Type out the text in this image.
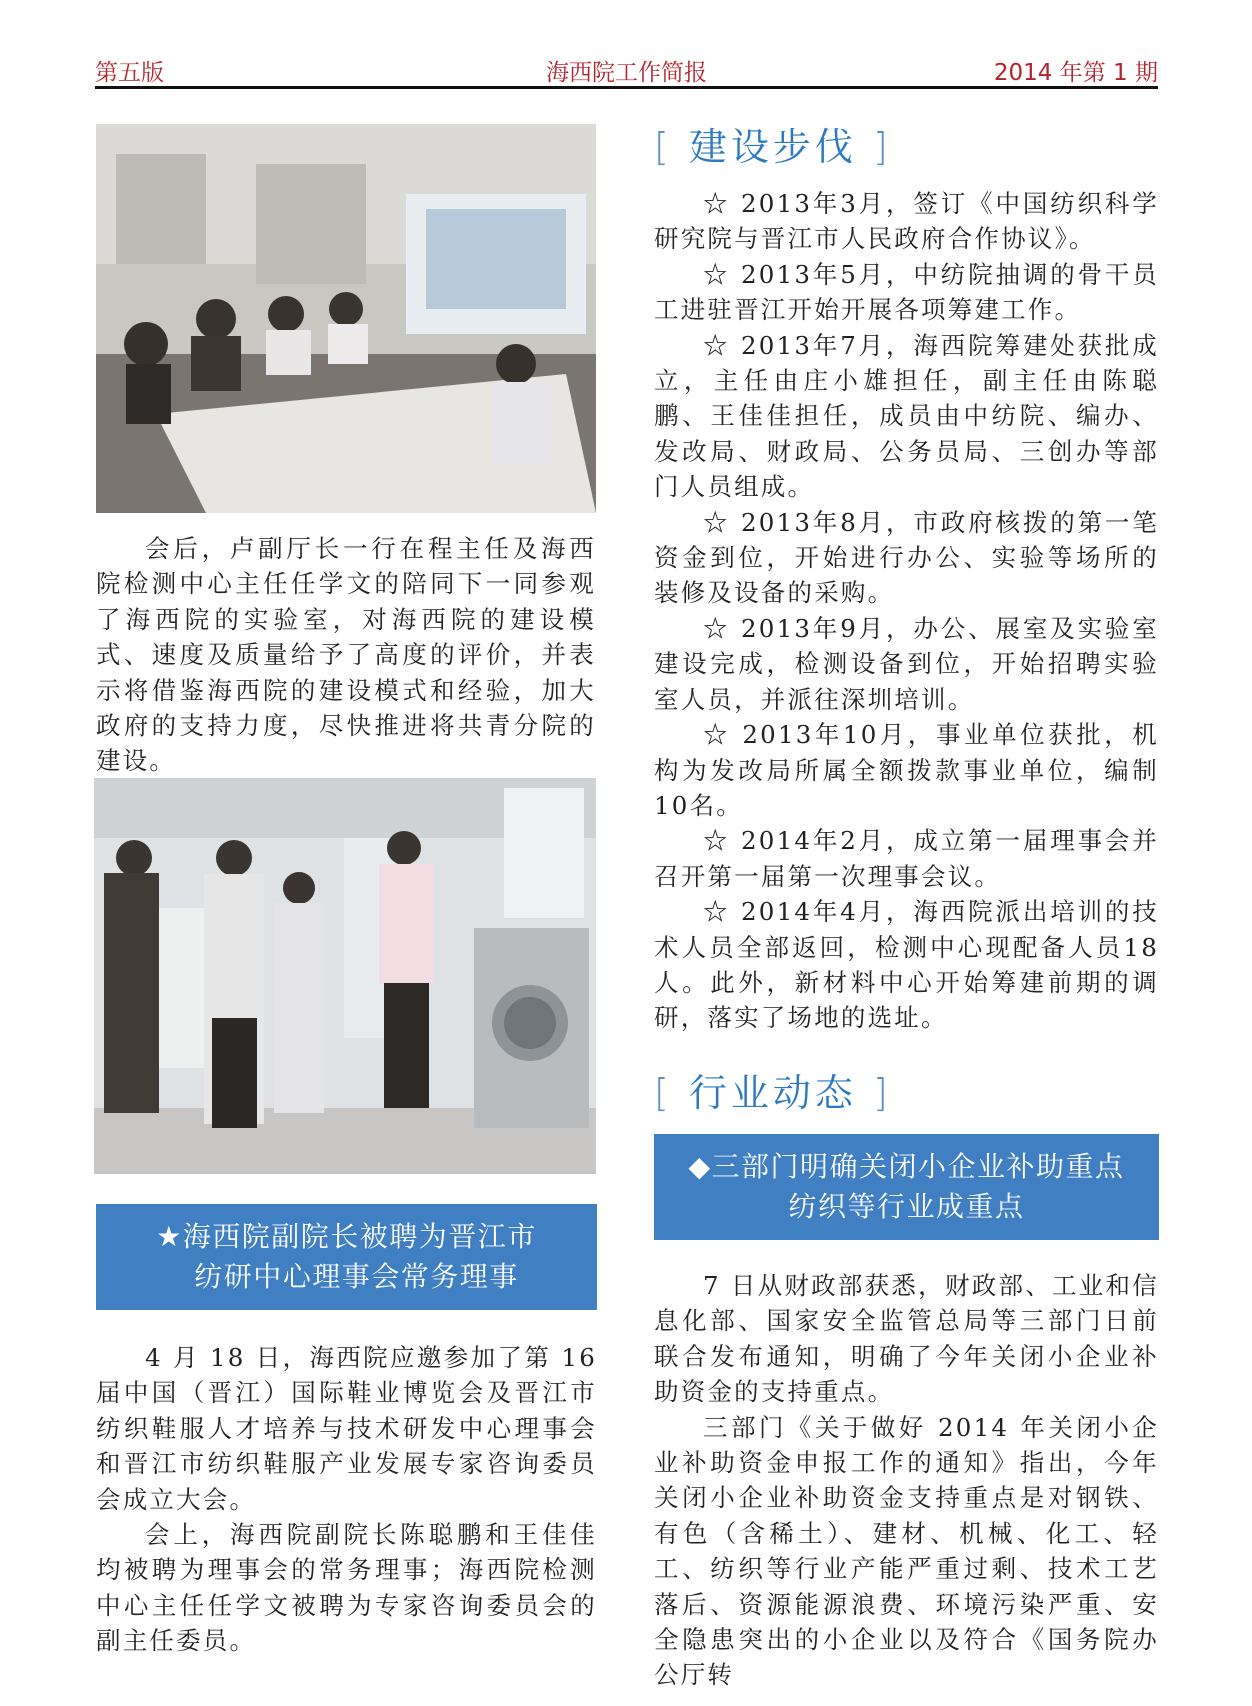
第五版	海西院工作简报	2014 年第 1 期

会后，卢副厅长一行在程主任及海西院检测中心主任任学文的陪同下一同参观了海西院的实验室，对海西院的建设模式、速度及质量给予了高度的评价，并表示将借鉴海西院的建设模式和经验，加大政府的支持力度，尽快推进将共青分院的建设。

★海西院副院长被聘为晋江市
纺研中心理事会常务理事

4 月 18 日，海西院应邀参加了第 16 届中国（晋江）国际鞋业博览会及晋江市纺织鞋服人才培养与技术研发中心理事会和晋江市纺织鞋服产业发展专家咨询委员会成立大会。

会上，海西院副院长陈聪鹏和王佳佳均被聘为理事会的常务理事；海西院检测中心主任任学文被聘为专家咨询委员会的副主任委员。

[ 建设步伐 ]

☆ 2013年3月，签订《中国纺织科学研究院与晋江市人民政府合作协议》。

☆ 2013年5月，中纺院抽调的骨干员工进驻晋江开始开展各项筹建工作。

☆ 2013年7月，海西院筹建处获批成立，主任由庄小雄担任，副主任由陈聪鹏、王佳佳担任，成员由中纺院、编办、发改局、财政局、公务员局、三创办等部门人员组成。

☆ 2013年8月，市政府核拨的第一笔资金到位，开始进行办公、实验等场所的装修及设备的采购。

☆ 2013年9月，办公、展室及实验室建设完成，检测设备到位，开始招聘实验室人员，并派往深圳培训。

☆ 2013年10月，事业单位获批，机构为发改局所属全额拨款事业单位，编制10名。

☆ 2014年2月，成立第一届理事会并召开第一届第一次理事会议。

☆ 2014年4月，海西院派出培训的技术人员全部返回，检测中心现配备人员18人。此外，新材料中心开始筹建前期的调研，落实了场地的选址。

[ 行业动态 ]
◆三部门明确关闭小企业补助重点
纺织等行业成重点

7 日从财政部获悉，财政部、工业和信息化部、国家安全监管总局等三部门日前联合发布通知，明确了今年关闭小企业补助资金的支持重点。

三部门《关于做好 2014 年关闭小企业补助资金申报工作的通知》指出，今年关闭小企业补助资金支持重点是对钢铁、有色（含稀土）、建材、机械、化工、轻工、纺织等行业产能严重过剩、技术工艺落后、资源能源浪费、环境污染严重、安全隐患突出的小企业以及符合《国务院办公厅转
